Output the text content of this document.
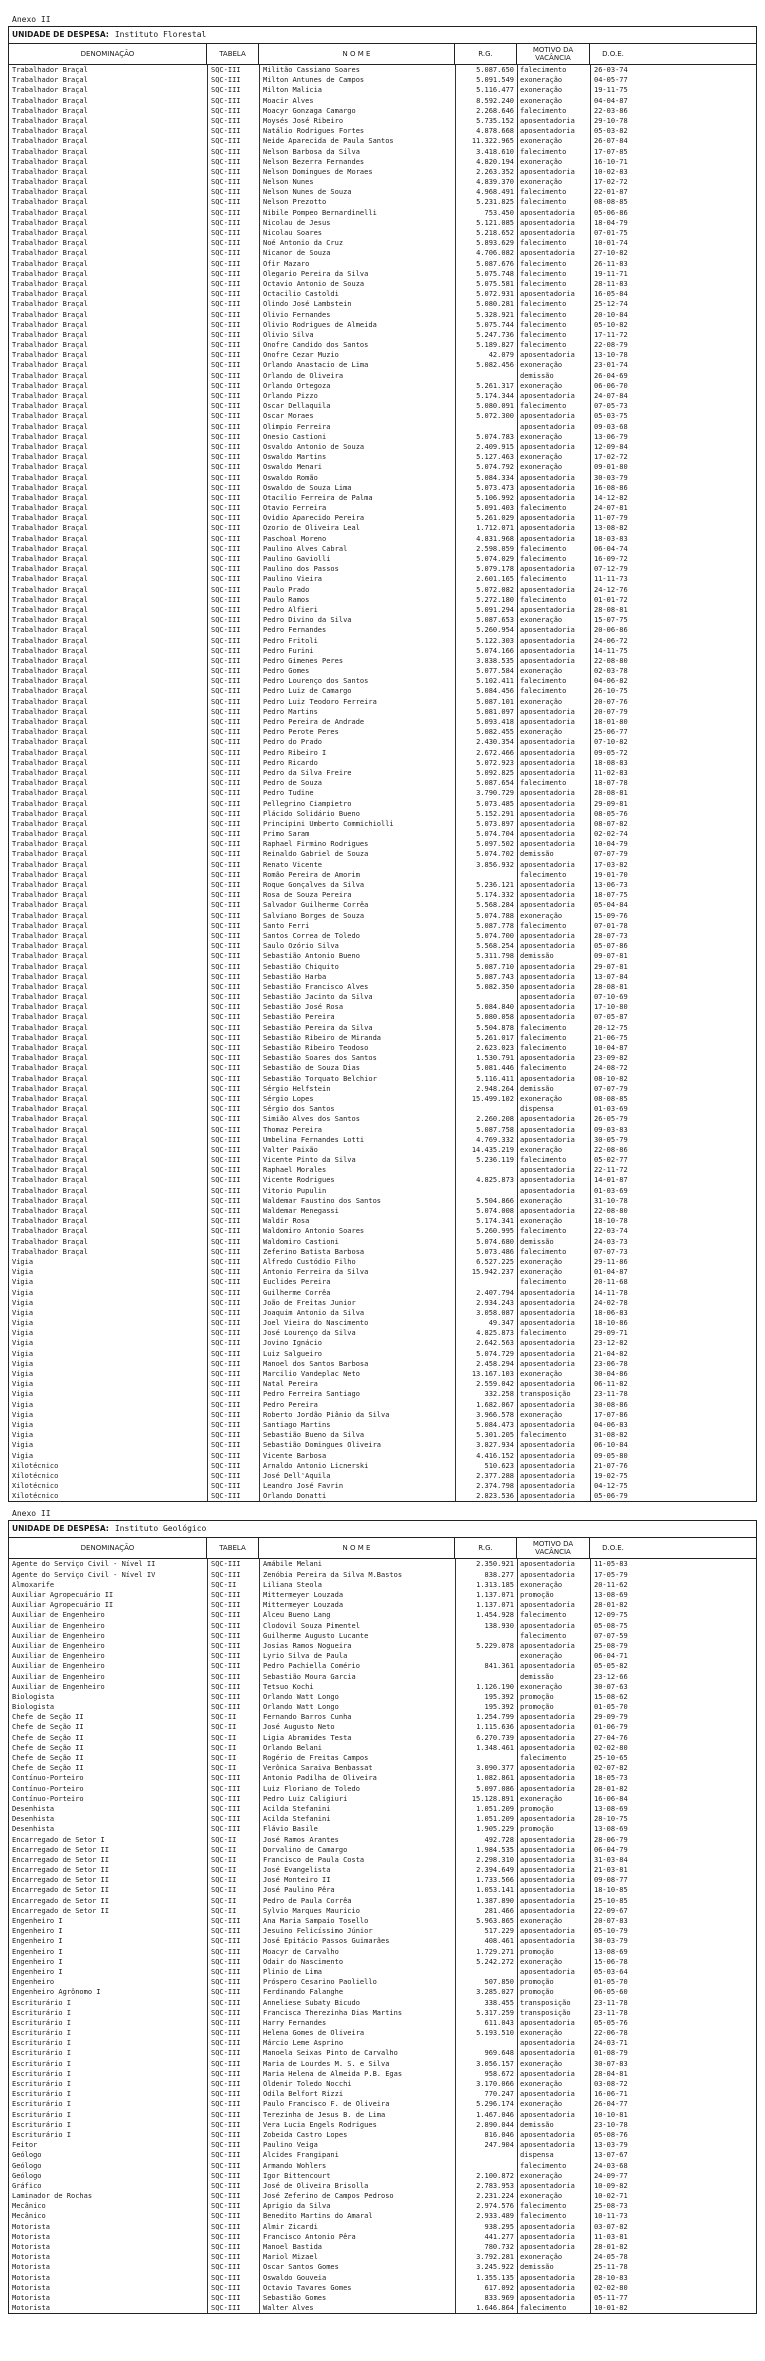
Anexo II
UNIDADE DE DESPESA: Instituto Florestal
DENOMINAÇÃO	TABELA	N O M E	R.G.	MOTIVO DA VACÂNCIA	D.O.E.
Trabalhador Braçal	SQC-III	Militão Cassiano Soares	5.087.650 falecimento	26-03-74
Trabalhador Braçal	SQC-III	Milton Antunes de Campos	5.091.549 exoneração	04-05-77
Trabalhador Braçal	SQC-III	Milton Malicia	5.116.477 exoneração	19-11-75
Trabalhador Braçal	SQC-III	Moacir Alves	8.592.240 exoneração	04-04-87
Trabalhador Braçal	SQC-III	Moacyr Gonzaga Camargo	2.268.646 falecimento	22-03-86
Trabalhador Braçal	SQC-III	Moysés José Ribeiro	5.735.152 aposentadoria	29-10-78
Trabalhador Braçal	SQC-III	Natálio Rodrigues Fortes	4.878.668 aposentadoria	05-03-82
Trabalhador Braçal	SQC-III	Neide Aparecida de Paula Santos	11.322.965 exoneração	26-07-84
Trabalhador Braçal	SQC-III	Nelson Barbosa da Silva	3.418.610 falecimento	17-07-85
Trabalhador Braçal	SQC-III	Nelson Bezerra Fernandes	4.820.194 exoneração	16-10-71
Trabalhador Braçal	SQC-III	Nelson Domingues de Moraes	2.263.352 aposentadoria	10-02-83
Trabalhador Braçal	SQC-III	Nelson Nunes	4.839.370 exoneração	17-02-72
Trabalhador Braçal	SQC-III	Nelson Nunes de Souza	4.968.491 falecimento	22-01-87
Trabalhador Braçal	SQC-III	Nelson Prezotto	5.231.825 falecimento	08-08-85
Trabalhador Braçal	SQC-III	Nibile Pompeo Bernardinelli	753.450 aposentadoria	05-06-86
Trabalhador Braçal	SQC-III	Nicolau de Jesus	5.121.085 aposentadoria	18-04-79
Trabalhador Braçal	SQC-III	Nicolau Soares	5.218.652 aposentadoria	07-01-75
Trabalhador Braçal	SQC-III	Noé Antonio da Cruz	5.893.629 falecimento	10-01-74
Trabalhador Braçal	SQC-III	Nicanor de Souza	4.706.082 aposentadoria	27-10-82
Trabalhador Braçal	SQC-III	Ofir Mazaro	5.087.676 falecimento	26-11-83
Trabalhador Braçal	SQC-III	Olegario Pereira da Silva	5.075.748 falecimento	19-11-71
Trabalhador Braçal	SQC-III	Octavio Antonio de Souza	5.075.581 falecimento	28-11-83
Trabalhador Braçal	SQC-III	Octacilio Castoldi	5.072.931 aposentadoria	16-05-84
Trabalhador Braçal	SQC-III	Olindo José Lambstein	5.080.281 falecimento	25-12-74
Trabalhador Braçal	SQC-III	Olivio Fernandes	5.328.921 falecimento	20-10-84
Trabalhador Braçal	SQC-III	Olivio Rodrigues de Almeida	5.075.744 falecimento	05-10-82
Trabalhador Braçal	SQC-III	Olivio Silva	5.247.736 falecimento	17-11-72
Trabalhador Braçal	SQC-III	Onofre Candido dos Santos	5.189.827 falecimento	22-08-79
Trabalhador Braçal	SQC-III	Onofre Cezar Muzio	42.079 aposentadoria	13-10-78
Trabalhador Braçal	SQC-III	Orlando Anastacio de Lima	5.082.456 exoneração	23-01-74
Trabalhador Braçal	SQC-III	Orlando de Oliveira	demissão	26-04-69
Trabalhador Braçal	SQC-III	Orlando Ortegoza	5.261.317 exoneração	06-06-70
Trabalhador Braçal	SQC-III	Orlando Pizzo	5.174.344 aposentadoria	24-07-84
Trabalhador Braçal	SQC-III	Oscar Dellaquila	5.080.091 falecimento	07-05-73
Trabalhador Braçal	SQC-III	Oscar Moraes	5.072.300 aposentadoria	05-03-75
Trabalhador Braçal	SQC-III	Olimpio Ferreira	aposentadoria	09-03-68
Trabalhador Braçal	SQC-III	Onesio Castioni	5.074.783 exoneração	13-06-79
Trabalhador Braçal	SQC-III	Osvaldo Antonio de Souza	2.409.915 aposentadoria	12-09-84
Trabalhador Braçal	SQC-III	Oswaldo Martins	5.127.463 exoneração	17-02-72
Trabalhador Braçal	SQC-III	Oswaldo Menari	5.074.792 exoneração	09-01-80
Trabalhador Braçal	SQC-III	Oswaldo Romão	5.084.334 aposentadoria	30-03-79
Trabalhador Braçal	SQC-III	Oswaldo de Souza Lima	5.073.473 aposentadoria	16-08-86
Trabalhador Braçal	SQC-III	Otacilio Ferreira de Palma	5.106.992 aposentadoria	14-12-82
Trabalhador Braçal	SQC-III	Otavio Ferreira	5.091.403 falecimento	24-07-81
Trabalhador Braçal	SQC-III	Ovidio Aparecido Pereira	5.261.029 aposentadoria	11-07-79
Trabalhador Braçal	SQC-III	Ozorio de Oliveira Leal	1.712.071 aposentadoria	13-08-82
Trabalhador Braçal	SQC-III	Paschoal Moreno	4.831.968 aposentadoria	18-03-83
Trabalhador Braçal	SQC-III	Paulino Alves Cabral	2.598.059 falecimento	06-04-74
Trabalhador Braçal	SQC-III	Paulino Gaviolli	5.074.029 falecimento	16-09-72
Trabalhador Braçal	SQC-III	Paulino dos Passos	5.079.178 aposentadoria	07-12-79
Trabalhador Braçal	SQC-III	Paulino Vieira	2.601.165 falecimento	11-11-73
Trabalhador Braçal	SQC-III	Paulo Prado	5.072.082 aposentadoria	24-12-76
Trabalhador Braçal	SQC-III	Paulo Ramos	5.272.180 falecimento	01-01-72
Trabalhador Braçal	SQC-III	Pedro Alfieri	5.091.294 aposentadoria	28-08-81
Trabalhador Braçal	SQC-III	Pedro Divino da Silva	5.087.653 exoneração	15-07-75
Trabalhador Braçal	SQC-III	Pedro Fernandes	5.260.954 aposentadoria	20-06-86
Trabalhador Braçal	SQC-III	Pedro Fritoli	5.122.303 aposentadoria	24-06-72
Trabalhador Braçal	SQC-III	Pedro Furini	5.074.166 aposentadoria	14-11-75
Trabalhador Braçal	SQC-III	Pedro Gimenes Peres	3.838.535 aposentadoria	22-08-80
Trabalhador Braçal	SQC-III	Pedro Gomes	5.077.584 exoneração	02-03-78
Trabalhador Braçal	SQC-III	Pedro Lourenço dos Santos	5.102.411 falecimento	04-06-82
Trabalhador Braçal	SQC-III	Pedro Luiz de Camargo	5.084.456 falecimento	26-10-75
Trabalhador Braçal	SQC-III	Pedro Luiz Teodoro Ferreira	5.087.101 exoneração	20-07-76
Trabalhador Braçal	SQC-III	Pedro Martins	5.081.097 aposentadoria	20-07-79
Trabalhador Braçal	SQC-III	Pedro Pereira de Andrade	5.093.418 aposentadoria	18-01-80
Trabalhador Braçal	SQC-III	Pedro Perote Peres	5.082.455 exoneração	25-06-77
Trabalhador Braçal	SQC-III	Pedro do Prado	2.430.354 aposentadoria	07-10-82
Trabalhador Braçal	SQC-III	Pedro Ribeiro I	2.672.466 aposentadoria	09-05-72
Trabalhador Braçal	SQC-III	Pedro Ricardo	5.072.923 aposentadoria	18-08-83
Trabalhador Braçal	SQC-III	Pedro da Silva Freire	5.092.825 aposentadoria	11-02-83
Trabalhador Braçal	SQC-III	Pedro de Souza	5.087.654 falecimento	18-07-78
Trabalhador Braçal	SQC-III	Pedro Tudine	3.790.729 aposentadoria	28-08-81
Trabalhador Braçal	SQC-III	Pellegrino Ciampietro	5.073.485 aposentadoria	29-09-81
Trabalhador Braçal	SQC-III	Plácido Solidário Bueno	5.152.291 aposentadoria	08-05-76
Trabalhador Braçal	SQC-III	Principini Umberto Commichiolli	5.073.897 aposentadoria	08-07-82
Trabalhador Braçal	SQC-III	Primo Saram	5.074.704 aposentadoria	02-02-74
Trabalhador Braçal	SQC-III	Raphael Firmino Rodrigues	5.097.502 aposentadoria	10-04-79
Trabalhador Braçal	SQC-III	Reinaldo Gabriel de Souza	5.074.702 demissão	07-07-79
Trabalhador Braçal	SQC-III	Renato Vicente	3.856.932 aposentadoria	17-03-82
Trabalhador Braçal	SQC-III	Romão Pereira de Amorim	falecimento	19-01-70
Trabalhador Braçal	SQC-III	Roque Gonçalves da Silva	5.236.121 aposentadoria	13-06-73
Trabalhador Braçal	SQC-III	Rosa de Souza Pereira	5.174.332 aposentadoria	18-07-75
Trabalhador Braçal	SQC-III	Salvador Guilherme Corrêa	5.568.284 aposentadoria	05-04-84
Trabalhador Braçal	SQC-III	Salviano Borges de Souza	5.074.788 exoneração	15-09-76
Trabalhador Braçal	SQC-III	Santo Ferri	5.087.778 falecimento	07-01-78
Trabalhador Braçal	SQC-III	Santos Correa de Toledo	5.074.700 aposentadoria	28-07-73
Trabalhador Braçal	SQC-III	Saulo Ozório Silva	5.568.254 aposentadoria	05-07-86
Trabalhador Braçal	SQC-III	Sebastião Antonio Bueno	5.311.798 demissão	09-07-81
Trabalhador Braçal	SQC-III	Sebastião Chiquito	5.087.710 aposentadoria	29-07-81
Trabalhador Braçal	SQC-III	Sebastião Harba	5.087.743 aposentadoria	13-07-84
Trabalhador Braçal	SQC-III	Sebastião Francisco Alves	5.082.350 aposentadoria	28-08-81
Trabalhador Braçal	SQC-III	Sebastião Jacinto da Silva	aposentadoria	07-10-69
Trabalhador Braçal	SQC-III	Sebastião José Rosa	5.084.840 aposentadoria	17-10-80
Trabalhador Braçal	SQC-III	Sebastião Pereira	5.080.058 aposentadoria	07-05-87
Trabalhador Braçal	SQC-III	Sebastião Pereira da Silva	5.504.878 falecimento	20-12-75
Trabalhador Braçal	SQC-III	Sebastião Ribeiro de Miranda	5.261.017 falecimento	21-06-75
Trabalhador Braçal	SQC-III	Sebastião Ribeiro Teodoso	2.623.023 falecimento	10-04-87
Trabalhador Braçal	SQC-III	Sebastião Soares dos Santos	1.530.791 aposentadoria	23-09-82
Trabalhador Braçal	SQC-III	Sebastião de Souza Dias	5.081.446 falecimento	24-08-72
Trabalhador Braçal	SQC-III	Sebastião Torquato Belchior	5.116.411 aposentadoria	08-10-82
Trabalhador Braçal	SQC-III	Sérgio Helfstein	2.948.264 demissão	07-07-79
Trabalhador Braçal	SQC-III	Sérgio Lopes	15.499.102 exoneração	08-08-85
Trabalhador Braçal	SQC-III	Sérgio dos Santos	dispensa	01-03-69
Trabalhador Braçal	SQC-III	Simião Alves dos Santos	2.260.208 aposentadoria	26-05-79
Trabalhador Braçal	SQC-III	Thomaz Pereira	5.087.758 aposentadoria	09-03-83
Trabalhador Braçal	SQC-III	Umbelina Fernandes Lotti	4.769.332 aposentadoria	30-05-79
Trabalhador Braçal	SQC-III	Valter Paixão	14.435.219 exoneração	22-08-86
Trabalhador Braçal	SQC-III	Vicente Pinto da Silva	5.236.119 falecimento	05-02-77
Trabalhador Braçal	SQC-III	Raphael Morales	aposentadoria	22-11-72
Trabalhador Braçal	SQC-III	Vicente Rodrigues	4.825.873 aposentadoria	14-01-87
Trabalhador Braçal	SQC-III	Vitorio Pupulin	aposentadoria	01-03-69
Trabalhador Braçal	SQC-III	Waldemar Faustino dos Santos	5.504.866 exoneração	31-10-78
Trabalhador Braçal	SQC-III	Waldemar Menegassi	5.074.008 aposentadoria	22-08-80
Trabalhador Braçal	SQC-III	Waldir Rosa	5.174.341 exoneração	18-10-78
Trabalhador Braçal	SQC-III	Waldomiro Antonio Soares	5.260.995 falecimento	22-03-74
Trabalhador Braçal	SQC-III	Waldomiro Castioni	5.074.680 demissão	24-03-73
Trabalhador Braçal	SQC-III	Zeferino Batista Barbosa	5.073.486 falecimento	07-07-73
Vigia	SQC-III	Alfredo Custódio Filho	6.527.225 exoneração	29-11-86
Vigia	SQC-III	Antonio Ferreira da Silva	15.942.237 exoneração	01-04-87
Vigia	SQC-III	Euclides Pereira	falecimento	20-11-68
Vigia	SQC-III	Guilherme Corrêa	2.407.794 aposentadoria	14-11-78
Vigia	SQC-III	João de Freitas Junior	2.934.243 aposentadoria	24-02-78
Vigia	SQC-III	Joaquim Antonio da Silva	3.058.087 aposentadoria	18-06-83
Vigia	SQC-III	Joel Vieira do Nascimento	49.347 aposentadoria	18-10-86
Vigia	SQC-III	José Lourenço da Silva	4.825.873 falecimento	29-09-71
Vigia	SQC-III	Jovino Ignácio	2.642.563 aposentadoria	23-12-82
Vigia	SQC-III	Luiz Salgueiro	5.074.729 aposentadoria	21-04-82
Vigia	SQC-III	Manoel dos Santos Barbosa	2.458.294 aposentadoria	23-06-78
Vigia	SQC-III	Marcilio Vandeplac Neto	13.167.103 exoneração	30-04-86
Vigia	SQC-III	Natal Pereira	2.559.042 aposentadoria	06-11-82
Vigia	SQC-III	Pedro Ferreira Santiago	332.258 transposição	23-11-78
Vigia	SQC-III	Pedro Pereira	1.682.067 aposentadoria	30-08-86
Vigia	SQC-III	Roberto Jordão Piânio da Silva	3.966.578 exoneração	17-07-86
Vigia	SQC-III	Santiago Martins	5.084.473 aposentadoria	04-06-83
Vigia	SQC-III	Sebastião Bueno da Silva	5.301.205 falecimento	31-08-82
Vigia	SQC-III	Sebastião Domingues Oliveira	3.827.934 aposentadoria	06-10-84
Vigia	SQC-III	Vicente Barbosa	4.416.152 aposentadoria	09-05-80
Xilotécnico	SQC-III	Arnaldo Antonio Licnerski	510.623 aposentadoria	21-07-76
Xilotécnico	SQC-III	José Dell'Aquila	2.377.288 aposentadoria	19-02-75
Xilotécnico	SQC-III	Leandro José Favrin	2.374.798 aposentadoria	04-12-75
Xilotécnico	SQC-III	Orlando Donatti	2.823.536 aposentadoria	05-06-79
Anexo II
UNIDADE DE DESPESA: Instituto Geológico
DENOMINAÇÃO	TABELA	N O M E	R.G.	MOTIVO DA VACÂNCIA	D.O.E.
Agente do Serviço Civil - Nível II	SQC-III	Amábile Melani	2.350.921 aposentadoria	11-05-83
Agente do Serviço Civil - Nível IV	SQC-III	Zenóbia Pereira da Silva M.Bastos	838.277 aposentadoria	17-05-79
Almoxarife	SQC-II	Liliana Steola	1.313.185 exoneração	20-11-62
Auxiliar Agropecuário II	SQC-III	Mittermeyer Louzada	1.137.071 promoção	13-08-69
Auxiliar Agropecuário II	SQC-III	Mittermeyer Louzada	1.137.071 aposentadoria	28-01-82
Auxiliar de Engenheiro	SQC-III	Alceu Bueno Lang	1.454.928 falecimento	12-09-75
Auxiliar de Engenheiro	SQC-III	Clodovil Souza Pimentel	138.930 aposentadoria	05-08-75
Auxiliar de Engenheiro	SQC-III	Guilherme Augusto Lucante	falecimento	07-07-59
Auxiliar de Engenheiro	SQC-III	Josias Ramos Nogueira	5.229.078 aposentadoria	25-08-79
Auxiliar de Engenheiro	SQC-III	Lyrio Silva de Paula	exoneração	06-04-71
Auxiliar de Engenheiro	SQC-III	Pedro Pachiella Comério	841.361 aposentadoria	05-05-82
Auxiliar de Engenheiro	SQC-III	Sebastião Moura Garcia	demissão	23-12-66
Auxiliar de Engenheiro	SQC-III	Tetsuo Kochi	1.126.190 exoneração	30-07-63
Biologista	SQC-III	Orlando Watt Longo	195.392 promoção	15-08-62
Biologista	SQC-III	Orlando Watt Longo	195.392 promoção	01-05-70
Chefe de Seção II	SQC-II	Fernando Barros Cunha	1.254.799 aposentadoria	29-09-79
Chefe de Seção II	SQC-II	José Augusto Neto	1.115.636 aposentadoria	01-06-79
Chefe de Seção II	SQC-II	Ligia Abramides Testa	6.270.739 aposentadoria	27-04-76
Chefe de Seção II	SQC-II	Orlando Belani	1.348.461 aposentadoria	02-02-80
Chefe de Seção II	SQC-II	Rogério de Freitas Campos	falecimento	25-10-65
Chefe de Seção II	SQC-II	Verônica Saraiva Benbassat	3.090.377 aposentadoria	02-07-82
Contínuo-Porteiro	SQC-III	Antonio Padilha de Oliveira	1.082.861 aposentadoria	18-05-73
Contínuo-Porteiro	SQC-III	Luiz Floriano de Toledo	5.097.086 aposentadoria	28-01-82
Contínuo-Porteiro	SQC-III	Pedro Luiz Caligiuri	15.128.891 exoneração	16-06-84
Desenhista	SQC-III	Acilda Stefanini	1.051.209 promoção	13-08-69
Desenhista	SQC-III	Acilda Stefanini	1.051.209 aposentadoria	28-10-75
Desenhista	SQC-III	Flávio Basile	1.905.229 promoção	13-08-69
Encarregado de Setor I	SQC-II	José Ramos Arantes	492.728 aposentadoria	28-06-79
Encarregado de Setor II	SQC-II	Dorvalino de Camargo	1.984.535 aposentadoria	06-04-79
Encarregado de Setor II	SQC-II	Francisco de Paula Costa	2.298.310 aposentadoria	31-03-84
Encarregado de Setor II	SQC-II	José Evangelista	2.394.649 aposentadoria	21-03-81
Encarregado de Setor II	SQC-II	José Monteiro II	1.733.566 aposentadoria	09-08-77
Encarregado de Setor II	SQC-II	José Paulino Pêra	1.053.141 aposentadoria	18-10-85
Encarregado de Setor II	SQC-II	Pedro de Paula Corrêa	1.387.890 aposentadoria	25-10-85
Encarregado de Setor II	SQC-II	Sylvio Marques Mauricio	281.466 aposentadoria	22-09-67
Engenheiro I	SQC-III	Ana Maria Sampaio Tosello	5.963.865 exoneração	20-07-83
Engenheiro I	SQC-III	Jesuino Felicíssimo Júnior	517.229 aposentadoria	05-10-79
Engenheiro I	SQC-III	José Epitácio Passos Guimarães	408.461 aposentadoria	30-03-79
Engenheiro I	SQC-III	Moacyr de Carvalho	1.729.271 promoção	13-08-69
Engenheiro I	SQC-III	Odair do Nascimento	5.242.272 exoneração	15-06-78
Engenheiro I	SQC-III	Plinio de Lima	aposentadoria	05-03-64
Engenheiro	SQC-III	Próspero Cesarino Paoliello	507.850 promoção	01-05-70
Engenheiro Agrônomo I	SQC-III	Ferdinando Falanghe	3.285.027 promoção	06-05-60
Escriturário I	SQC-III	Anneliese Subaty Bicudo	338.455 transposição	23-11-78
Escriturário I	SQC-III	Francisca Therezinha Dias Martins	5.317.259 transposição	23-11-78
Escriturário I	SQC-III	Harry Fernandes	611.043 aposentadoria	05-05-76
Escriturário I	SQC-III	Helena Gomes de Oliveira	5.193.510 exoneração	22-06-78
Escriturário I	SQC-III	Márcio Leme Asprino	aposentadoria	24-03-71
Escriturário I	SQC-III	Manoela Seixas Pinto de Carvalho	969.648 aposentadoria	01-08-79
Escriturário I	SQC-III	Maria de Lourdes M. S. e Silva	3.056.157 exoneração	30-07-83
Escriturário I	SQC-III	Maria Helena de Almeida P.B. Egas	958.672 aposentadoria	28-04-81
Escriturário I	SQC-III	Oldenir Toledo Nocchi	3.170.066 exoneração	03-08-72
Escriturário I	SQC-III	Odila Belfort Rizzi	770.247 aposentadoria	16-06-71
Escriturário I	SQC-III	Paulo Francisco F. de Oliveira	5.296.174 exoneração	26-04-77
Escriturário I	SQC-III	Terezinha de Jesus B. de Lima	1.467.046 aposentadoria	10-10-81
Escriturário I	SQC-III	Vera Lucia Engels Rodrigues	2.890.044 demissão	23-10-78
Escriturário I	SQC-III	Zobeida Castro Lopes	816.046 aposentadoria	05-08-76
Feitor	SQC-III	Paulino Veiga	247.904 aposentadoria	13-03-79
Geólogo	SQC-III	Alcides Frangipani	dispensa	13-07-67
Geólogo	SQC-III	Armando Wohlers	falecimento	24-03-68
Geólogo	SQC-III	Igor Bittencourt	2.100.872 exoneração	24-09-77
Gráfico	SQC-III	José de Oliveira Brisolla	2.783.953 aposentadoria	10-09-82
Laminador de Rochas	SQC-III	José Zeferino de Campos Pedroso	2.231.224 exoneração	10-02-71
Mecânico	SQC-III	Aprigio da Silva	2.974.576 falecimento	25-08-73
Mecânico	SQC-III	Benedito Martins do Amaral	2.933.489 falecimento	10-11-73
Motorista	SQC-III	Almir Zicardi	938.295 aposentadoria	03-07-82
Motorista	SQC-III	Francisco Antonio Pêra	441.277 aposentadoria	11-03-81
Motorista	SQC-III	Manoel Bastida	780.732 aposentadoria	28-01-82
Motorista	SQC-III	Mariol Mizael	3.792.281 exoneração	24-05-78
Motorista	SQC-III	Oscar Santos Gomes	3.245.922 demissão	25-11-78
Motorista	SQC-III	Oswaldo Gouveia	1.355.135 aposentadoria	28-10-83
Motorista	SQC-III	Octavio Tavares Gomes	617.092 aposentadoria	02-02-80
Motorista	SQC-III	Sebastião Gomes	833.969 aposentadoria	05-11-77
Motorista	SQC-III	Walter Alves	1.646.864 falecimento	10-01-82
